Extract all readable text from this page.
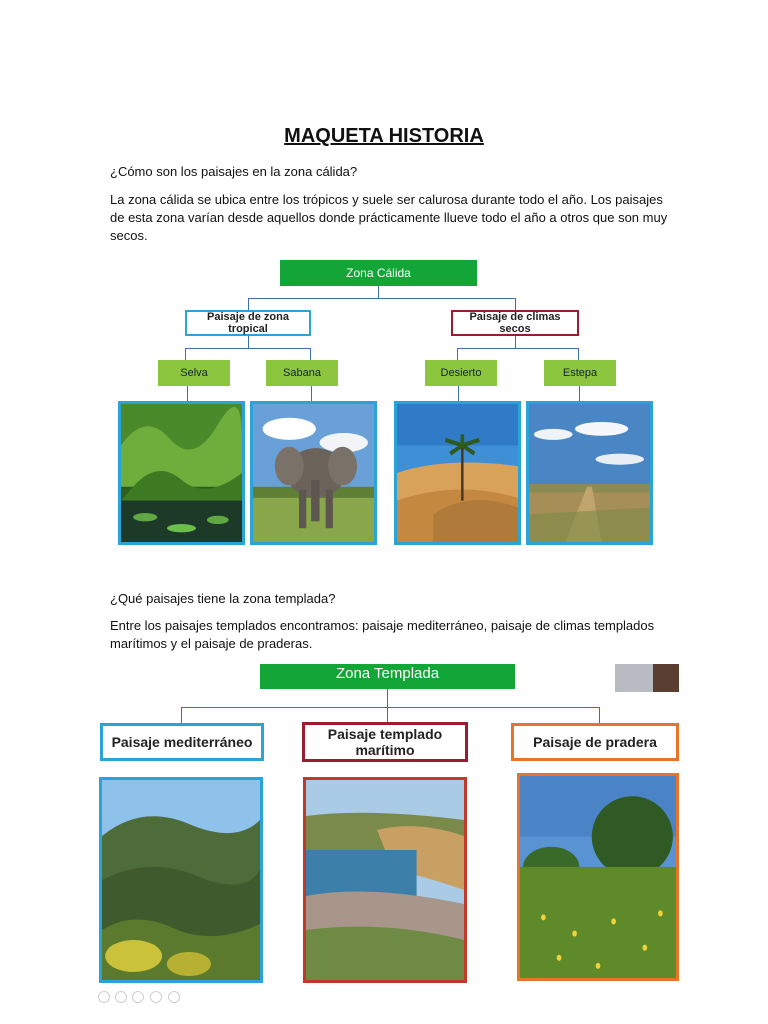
MAQUETA HISTORIA
¿Cómo son los paisajes en la zona cálida?
La zona cálida se ubica entre los trópicos y suele ser calurosa durante todo el año. Los paisajes de esta zona varían desde aquellos donde prácticamente llueve todo el año a otros que son muy secos.
Zona Cálida
Paisaje de zona tropical
Paisaje de climas secos
Selva	Sabana	Desierto	Estepa
¿Qué paisajes tiene la zona templada?
Entre los paisajes templados encontramos: paisaje mediterráneo, paisaje de climas templados marítimos y el paisaje de praderas.
Zona Templada
Paisaje mediterráneo	Paisaje templado marítimo	Paisaje de pradera
